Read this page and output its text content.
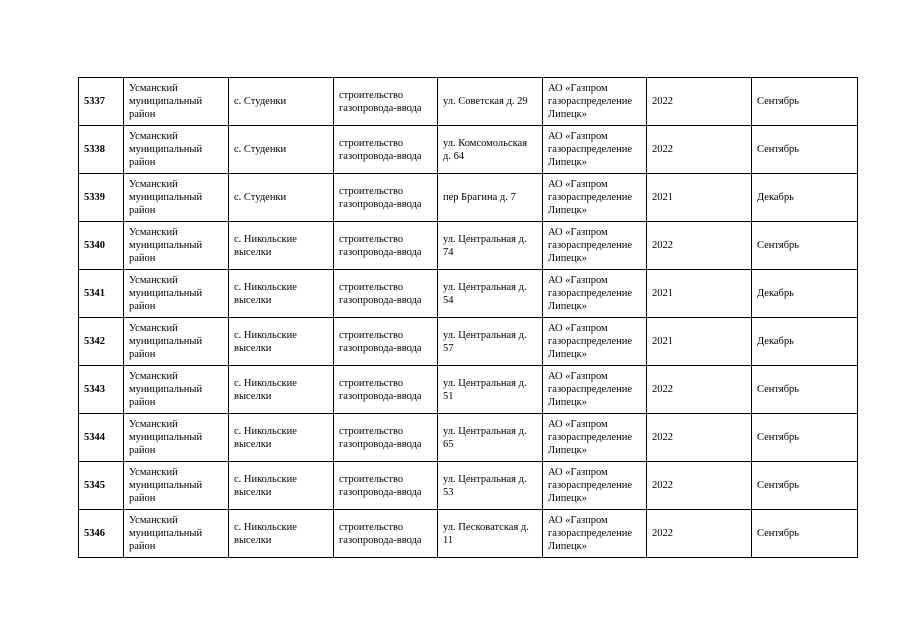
5337	Усманский муниципальный район	с. Студенки	строительство газопровода-ввода	ул. Советская д. 29	АО «Газпром газораспределение Липецк»	2022	Сентябрь
5338	Усманский муниципальный район	с. Студенки	строительство газопровода-ввода	ул. Комсомольская д. 64	АО «Газпром газораспределение Липецк»	2022	Сентябрь
5339	Усманский муниципальный район	с. Студенки	строительство газопровода-ввода	пер Брагина д. 7	АО «Газпром газораспределение Липецк»	2021	Декабрь
5340	Усманский муниципальный район	с. Никольские выселки	строительство газопровода-ввода	ул. Центральная д. 74	АО «Газпром газораспределение Липецк»	2022	Сентябрь
5341	Усманский муниципальный район	с. Никольские выселки	строительство газопровода-ввода	ул. Центральная д. 54	АО «Газпром газораспределение Липецк»	2021	Декабрь
5342	Усманский муниципальный район	с. Никольские выселки	строительство газопровода-ввода	ул. Центральная д. 57	АО «Газпром газораспределение Липецк»	2021	Декабрь
5343	Усманский муниципальный район	с. Никольские выселки	строительство газопровода-ввода	ул. Центральная д. 51	АО «Газпром газораспределение Липецк»	2022	Сентябрь
5344	Усманский муниципальный район	с. Никольские выселки	строительство газопровода-ввода	ул. Центральная д. 65	АО «Газпром газораспределение Липецк»	2022	Сентябрь
5345	Усманский муниципальный район	с. Никольские выселки	строительство газопровода-ввода	ул. Центральная д. 53	АО «Газпром газораспределение Липецк»	2022	Сентябрь
5346	Усманский муниципальный район	с. Никольские выселки	строительство газопровода-ввода	ул. Песковатская д. 11	АО «Газпром газораспределение Липецк»	2022	Сентябрь
